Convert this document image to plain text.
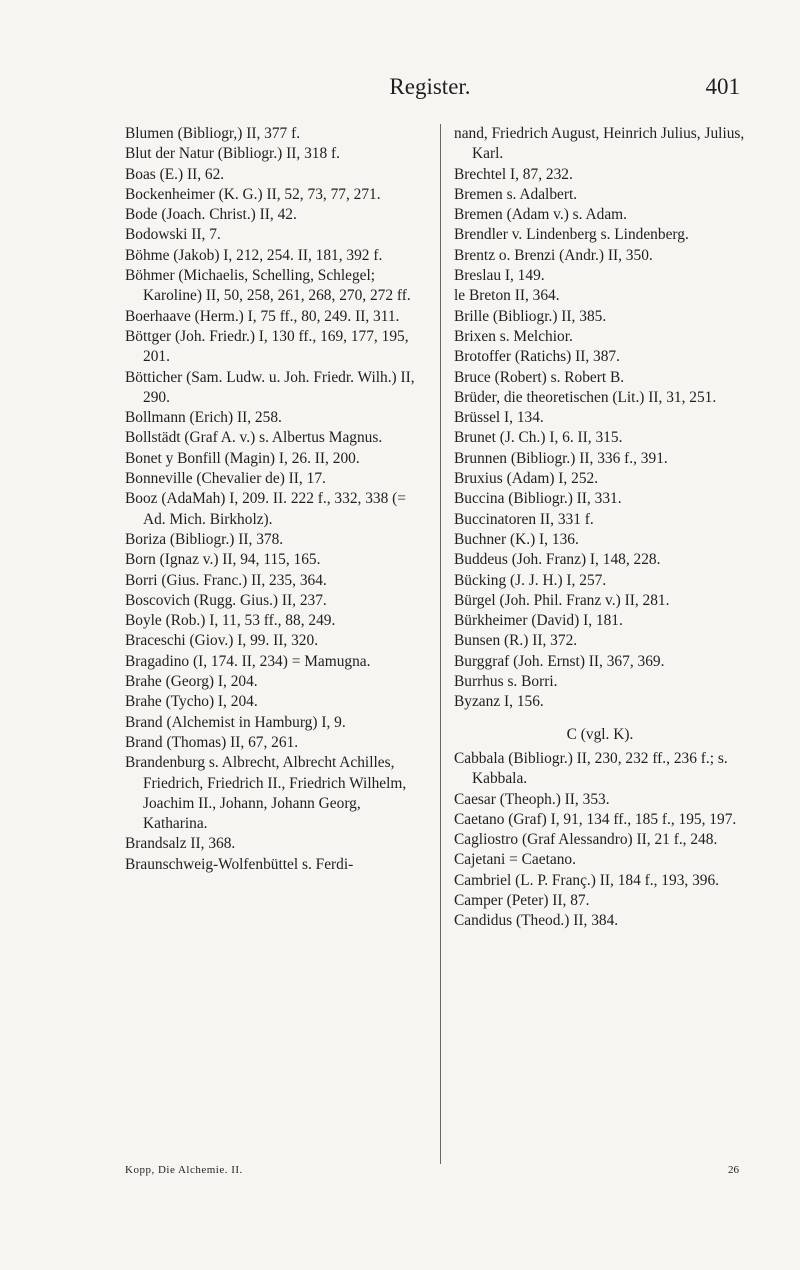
Register.	401

Blumen (Bibliogr,) II, 377 f.

Blut der Natur (Bibliogr.) II, 318 f.

Boas (E.) II, 62.

Bockenheimer (K. G.) II, 52, 73, 77, 271.

Bode (Joach. Christ.) II, 42.

Bodowski II, 7.

Böhme (Jakob) I, 212, 254. II, 181, 392 f.

Böhmer (Michaelis, Schelling, Schlegel; Karoline) II, 50, 258, 261, 268, 270, 272 ff.

Boerhaave (Herm.) I, 75 ff., 80, 249. II, 311.

Böttger (Joh. Friedr.) I, 130 ff., 169, 177, 195, 201.

Bötticher (Sam. Ludw. u. Joh. Friedr. Wilh.) II, 290.

Bollmann (Erich) II, 258.

Bollstädt (Graf A. v.) s. Albertus Magnus.

Bonet y Bonfill (Magin) I, 26. II, 200.

Bonneville (Chevalier de) II, 17.

Booz (AdaMah) I, 209. II. 222 f., 332, 338 (= Ad. Mich. Birkholz).

Boriza (Bibliogr.) II, 378.

Born (Ignaz v.) II, 94, 115, 165.

Borri (Gius. Franc.) II, 235, 364.

Boscovich (Rugg. Gius.) II, 237.

Boyle (Rob.) I, 11, 53 ff., 88, 249.

Braceschi (Giov.) I, 99. II, 320.

Bragadino (I, 174. II, 234) = Mamugna.

Brahe (Georg) I, 204.

Brahe (Tycho) I, 204.

Brand (Alchemist in Hamburg) I, 9.

Brand (Thomas) II, 67, 261.

Brandenburg s. Albrecht, Albrecht Achilles, Friedrich, Friedrich II., Friedrich Wilhelm, Joachim II., Johann, Johann Georg, Katharina.

Brandsalz II, 368.

Braunschweig-Wolfenbüttel s. Ferdi-

nand, Friedrich August, Heinrich Julius, Julius, Karl.

Brechtel I, 87, 232.

Bremen s. Adalbert.

Bremen (Adam v.) s. Adam.

Brendler v. Lindenberg s. Lindenberg.

Brentz o. Brenzi (Andr.) II, 350.

Breslau I, 149.

le Breton II, 364.

Brille (Bibliogr.) II, 385.

Brixen s. Melchior.

Brotoffer (Ratichs) II, 387.

Bruce (Robert) s. Robert B.

Brüder, die theoretischen (Lit.) II, 31, 251.

Brüssel I, 134.

Brunet (J. Ch.) I, 6. II, 315.

Brunnen (Bibliogr.) II, 336 f., 391.

Bruxius (Adam) I, 252.

Buccina (Bibliogr.) II, 331.

Buccinatoren II, 331 f.

Buchner (K.) I, 136.

Buddeus (Joh. Franz) I, 148, 228.

Bücking (J. J. H.) I, 257.

Bürgel (Joh. Phil. Franz v.) II, 281.

Bürkheimer (David) I, 181.

Bunsen (R.) II, 372.

Burggraf (Joh. Ernst) II, 367, 369.

Burrhus s. Borri.

Byzanz I, 156.

C (vgl. K).

Cabbala (Bibliogr.) II, 230, 232 ff., 236 f.; s. Kabbala.

Caesar (Theoph.) II, 353.

Caetano (Graf) I, 91, 134 ff., 185 f., 195, 197.

Cagliostro (Graf Alessandro) II, 21 f., 248.

Cajetani = Caetano.

Cambriel (L. P. Franç.) II, 184 f., 193, 396.

Camper (Peter) II, 87.

Candidus (Theod.) II, 384.

Kopp, Die Alchemie. II.	26
